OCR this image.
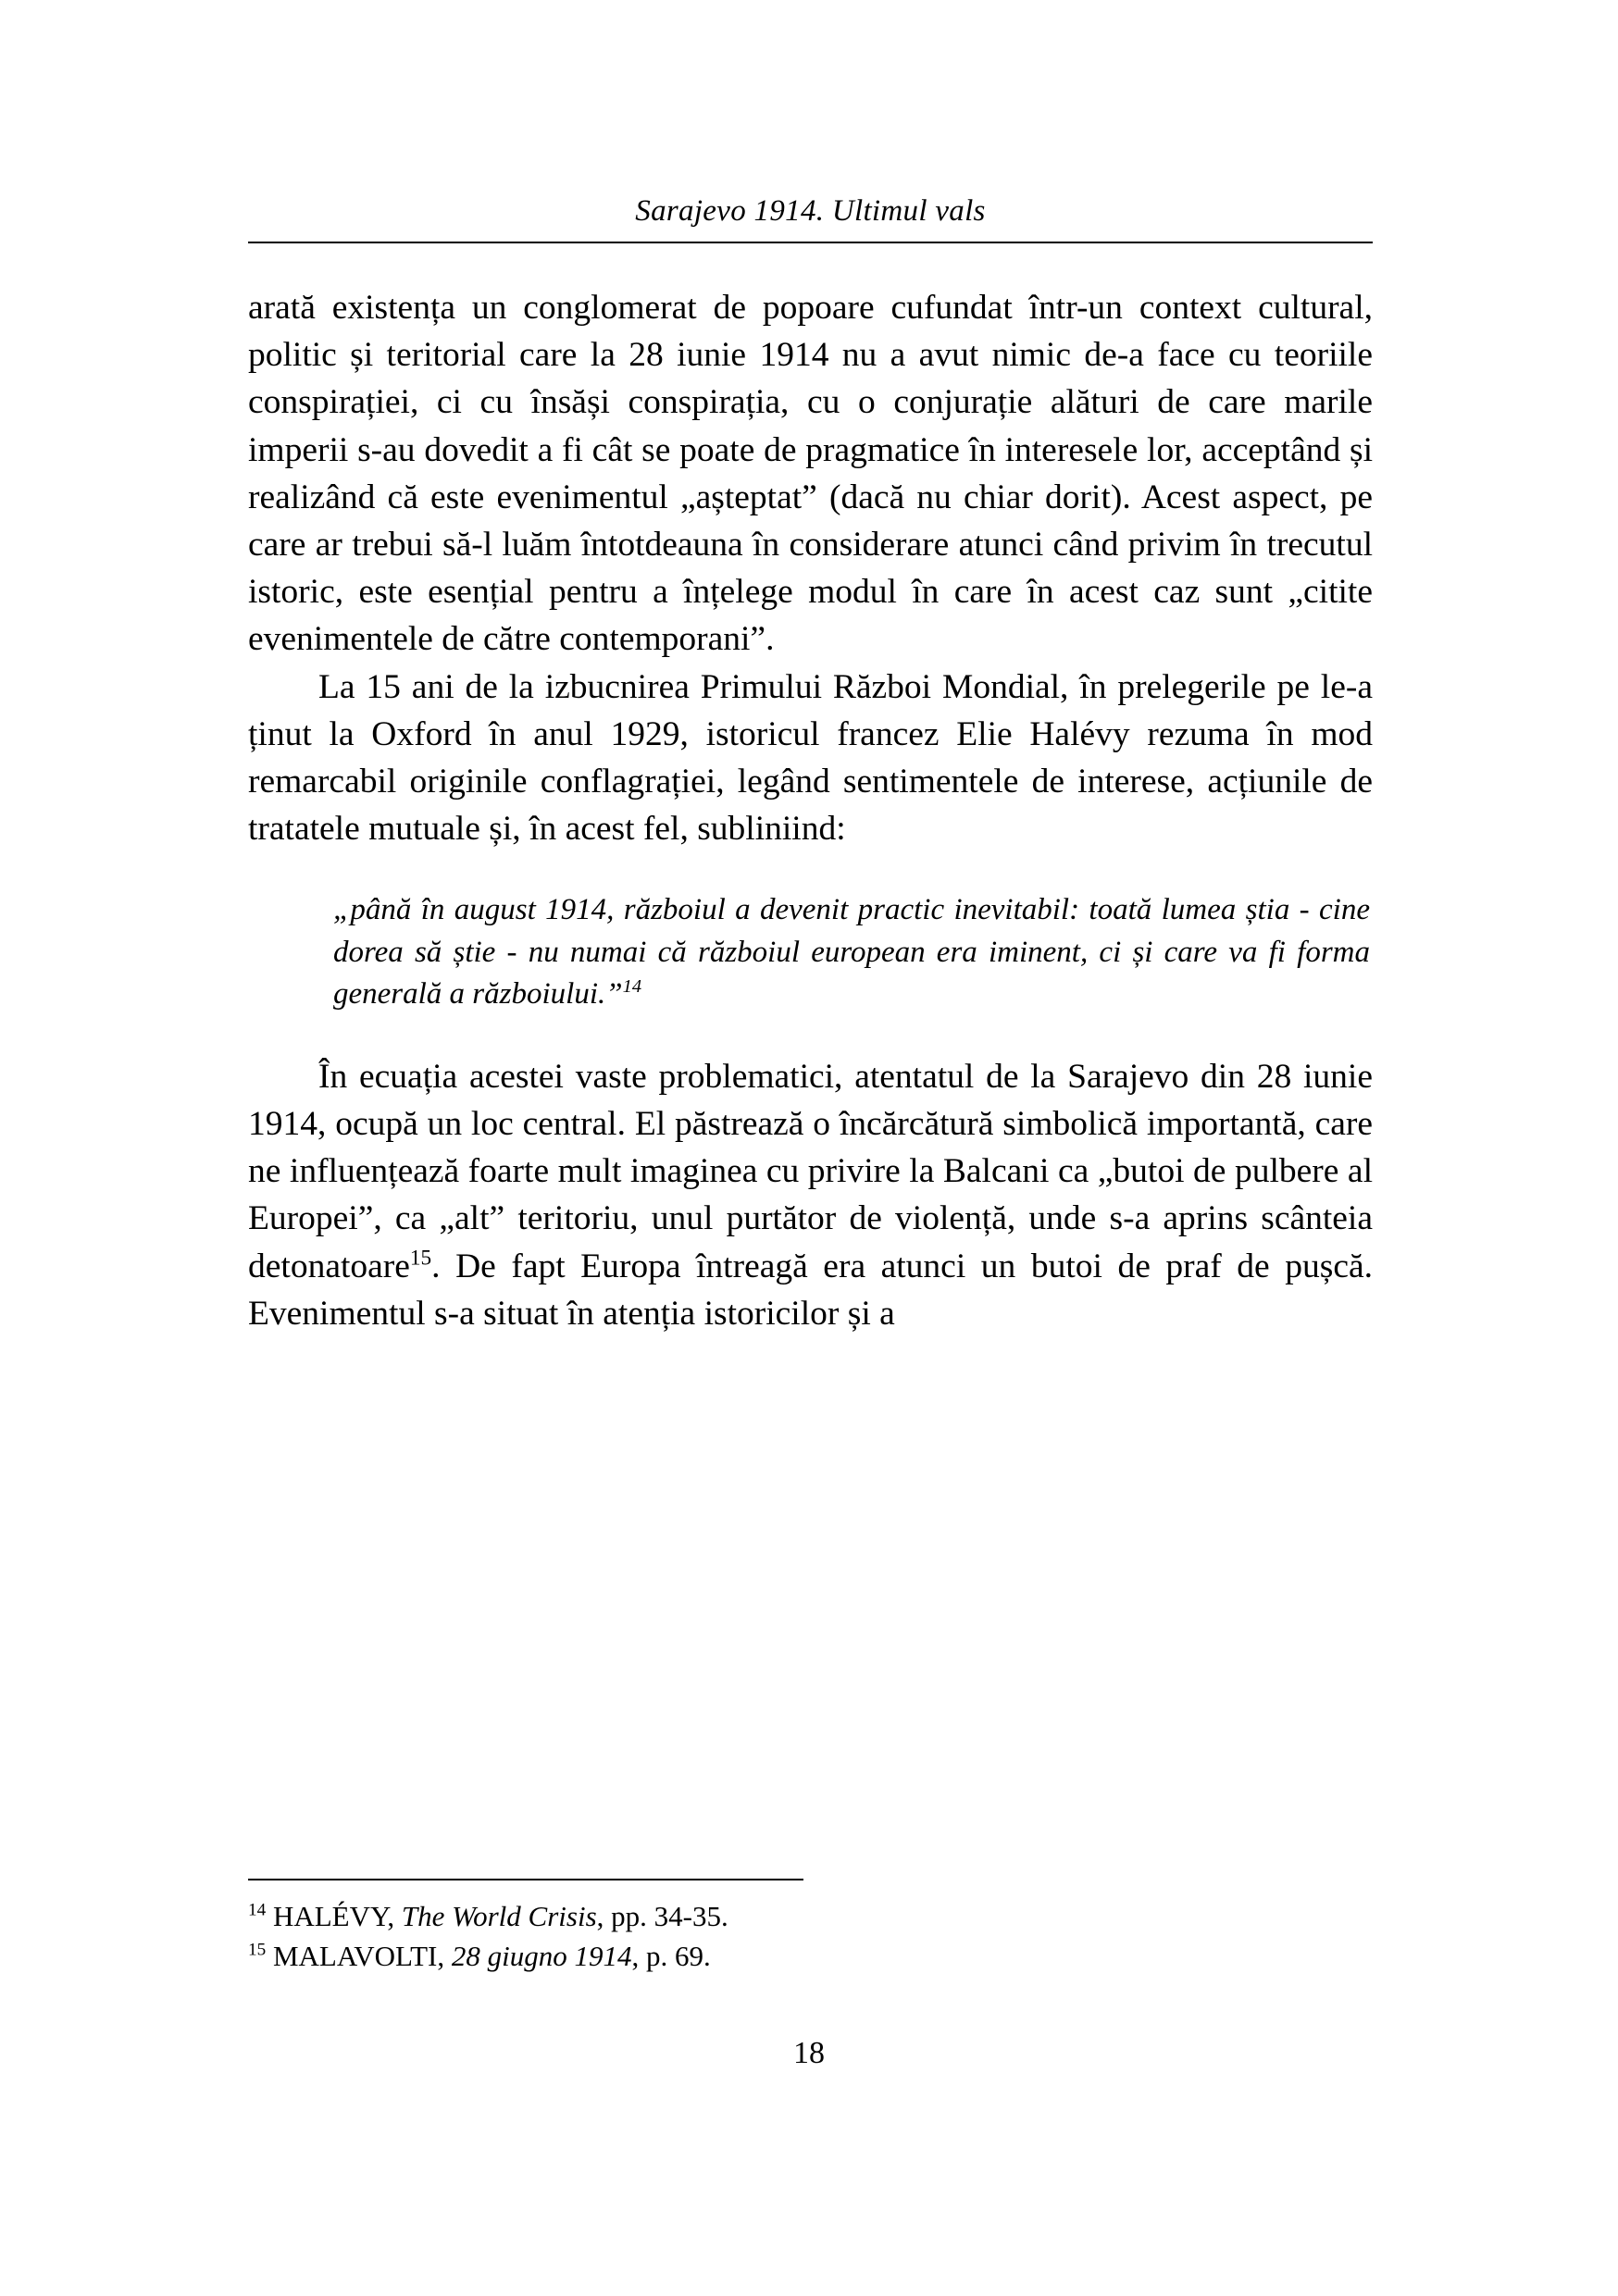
Sarajevo 1914. Ultimul vals

arată existența un conglomerat de popoare cufundat într-un context cultural, politic și teritorial care la 28 iunie 1914 nu a avut nimic de-a face cu teoriile conspirației, ci cu însăși conspirația, cu o conjurație alături de care marile imperii s-au dovedit a fi cât se poate de pragmatice în interesele lor, acceptând și realizând că este evenimentul „așteptat” (dacă nu chiar dorit). Acest aspect, pe care ar trebui să-l luăm întotdeauna în considerare atunci când privim în trecutul istoric, este esențial pentru a înțelege modul în care în acest caz sunt „citite evenimentele de către contemporani”.

La 15 ani de la izbucnirea Primului Război Mondial, în prelegerile pe le-a ținut la Oxford în anul 1929, istoricul francez Elie Halévy rezuma în mod remarcabil originile conflagrației, legând sentimentele de interese, acțiunile de tratatele mutuale și, în acest fel, subliniind:

„până în august 1914, războiul a devenit practic inevitabil: toată lumea știa - cine dorea să știe - nu numai că războiul european era iminent, ci și care va fi forma generală a războiului.”$^{14}$

În ecuația acestei vaste problematici, atentatul de la Sarajevo din 28 iunie 1914, ocupă un loc central. El păstrează o încărcătură simbolică importantă, care ne influențează foarte mult imaginea cu privire la Balcani ca „butoi de pulbere al Europei”, ca „alt” teritoriu, unul purtător de violență, unde s-a aprins scânteia detonatoare$^{15}$. De fapt Europa întreagă era atunci un butoi de praf de pușcă. Evenimentul s-a situat în atenția istoricilor și a

$^{14}$ HALÉVY, The World Crisis, pp. 34-35.

$^{15}$ MALAVOLTI, 28 giugno 1914, p. 69.

18
